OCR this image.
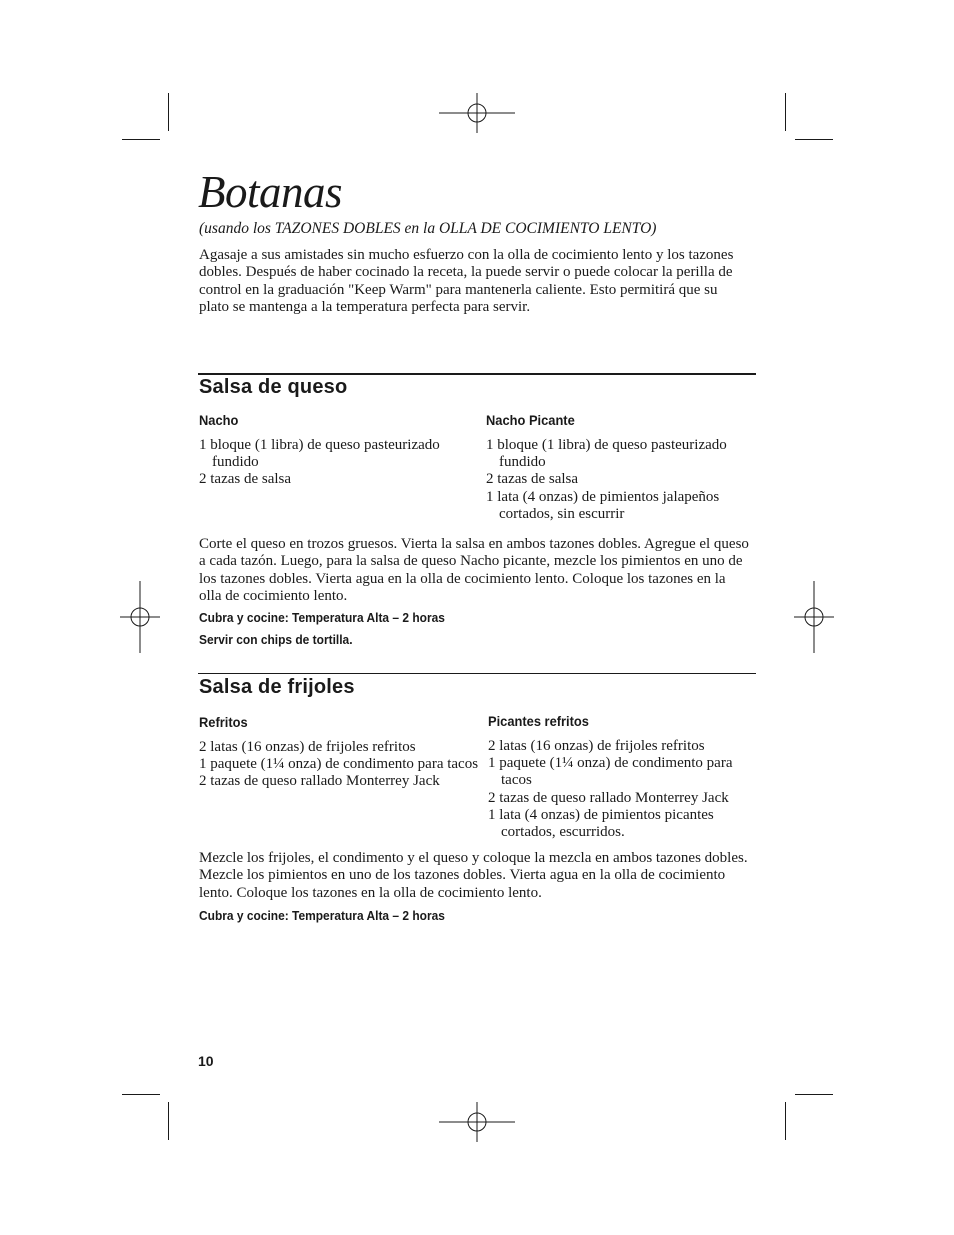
Botanas
(usando los TAZONES DOBLES en la OLLA DE COCIMIENTO LENTO)
Agasaje a sus amistades sin mucho esfuerzo con la olla de cocimiento lento y los tazones dobles. Después de haber cocinado la receta, la puede servir o puede colocar la perilla de control en la graduación "Keep Warm" para mantenerla caliente. Esto permitirá que su plato se mantenga a la temperatura perfecta para servir.
Salsa de queso
Nacho
1 bloque (1 libra) de queso pasteurizado fundido
2 tazas de salsa
Nacho Picante
1 bloque (1 libra) de queso pasteurizado fundido
2 tazas de salsa
1 lata (4 onzas) de pimientos jalapeños cortados, sin escurrir
Corte el queso en trozos gruesos. Vierta la salsa en ambos tazones dobles. Agregue el queso a cada tazón. Luego, para la salsa de queso Nacho picante, mezcle los pimientos en uno de los tazones dobles. Vierta agua en la olla de cocimiento lento. Coloque los tazones en la olla de cocimiento lento.
Cubra y cocine: Temperatura Alta – 2 horas
Servir con chips de tortilla.
Salsa de frijoles
Refritos
2 latas (16 onzas) de frijoles refritos
1 paquete (1¼ onza) de condimento para tacos
2 tazas de queso rallado Monterrey Jack
Picantes refritos
2 latas (16 onzas) de frijoles refritos
1 paquete (1¼ onza) de condimento para tacos
2 tazas de queso rallado Monterrey Jack
1 lata (4 onzas) de pimientos picantes cortados, escurridos.
Mezcle los frijoles, el condimento y el queso y coloque la mezcla en ambos tazones dobles. Mezcle los pimientos en uno de los tazones dobles. Vierta agua en la olla de cocimiento lento. Coloque los tazones en la olla de cocimiento lento.
Cubra y cocine: Temperatura Alta – 2 horas
10
